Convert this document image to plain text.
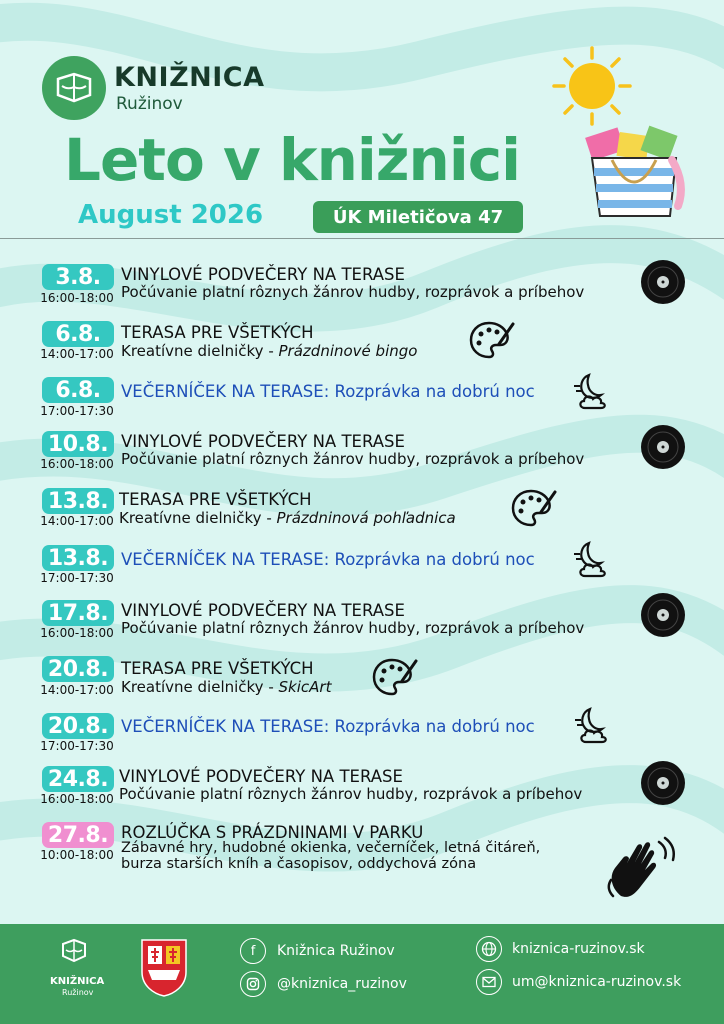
KNIŽNICA
Ružinov
Leto v knižnici
August 2026	ÚK Miletičova 47
3.8.
16:00-18:00
VINYLOVÉ PODVEČERY NA TERASE
Počúvanie platní rôznych žánrov hudby, rozprávok a príbehov
6.8.
14:00-17:00
TERASA PRE VŠETKÝCH
Kreatívne dielničky - Prázdninové bingo
6.8.
17:00-17:30
VEČERNÍČEK NA TERASE: Rozprávka na dobrú noc
10.8.
16:00-18:00
VINYLOVÉ PODVEČERY NA TERASE
Počúvanie platní rôznych žánrov hudby, rozprávok a príbehov
13.8.
14:00-17:00
TERASA PRE VŠETKÝCH
Kreatívne dielničky - Prázdninová pohľadnica
13.8.
17:00-17:30
VEČERNÍČEK NA TERASE: Rozprávka na dobrú noc
17.8.
16:00-18:00
VINYLOVÉ PODVEČERY NA TERASE
Počúvanie platní rôznych žánrov hudby, rozprávok a príbehov
20.8.
14:00-17:00
TERASA PRE VŠETKÝCH
Kreatívne dielničky - SkicArt
20.8.
17:00-17:30
VEČERNÍČEK NA TERASE: Rozprávka na dobrú noc
24.8.
16:00-18:00
VINYLOVÉ PODVEČERY NA TERASE
Počúvanie platní rôznych žánrov hudby, rozprávok a príbehov
27.8.
10:00-18:00
ROZLÚČKA S PRÁZDNINAMI V PARKU
Zábavné hry, hudobné okienka, večerníček, letná čitáreň,
burza starších kníh a časopisov, oddychová zóna
KNIŽNICA
Ružinov
f	Knižnica Ružinov
@kniznica_ruzinov
kniznica-ruzinov.sk
um@kniznica-ruzinov.sk
